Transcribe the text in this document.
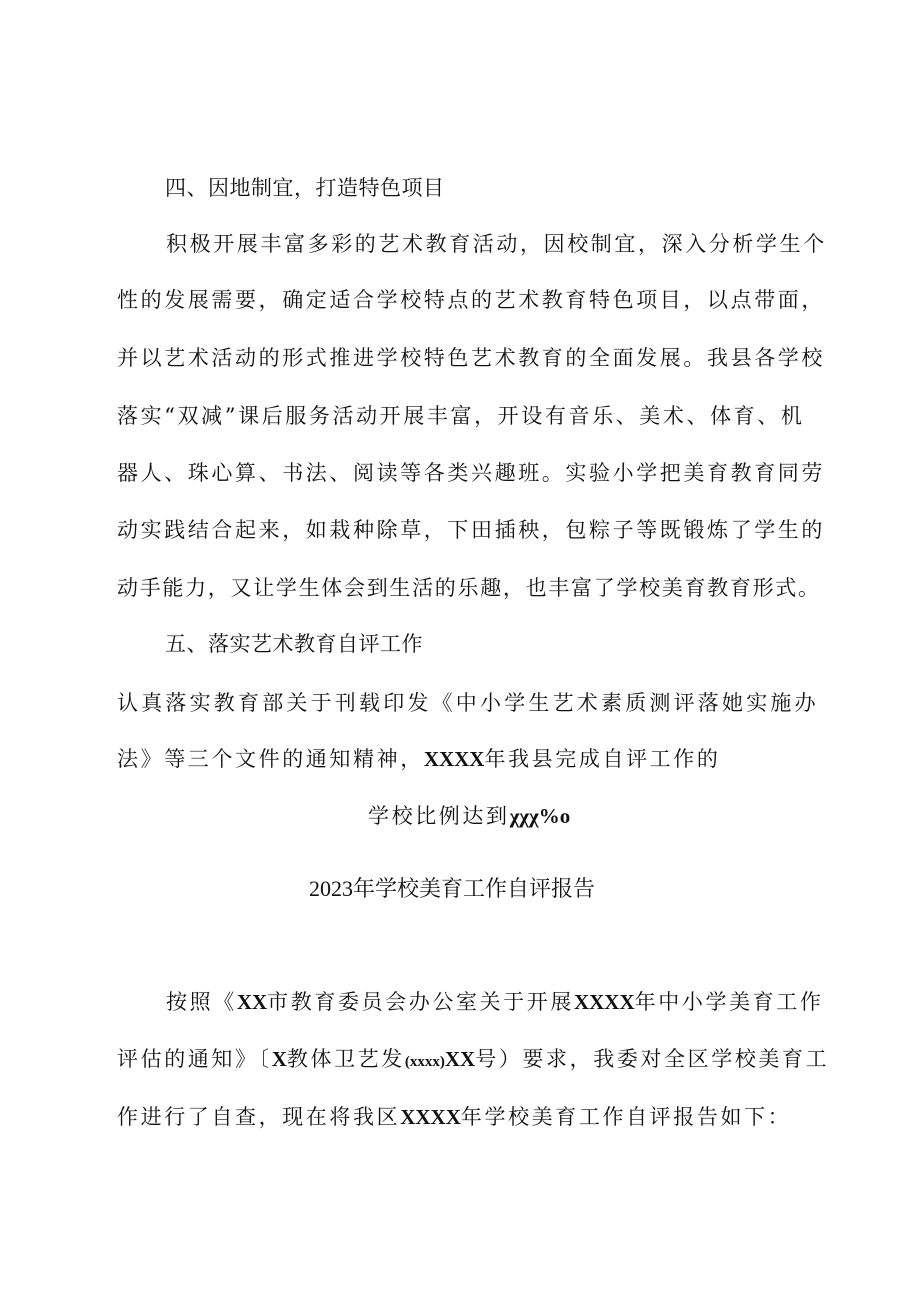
四、因地制宜，打造特色项目
积极开展丰富多彩的艺术教育活动，因校制宜，深入分析学生个
性的发展需要，确定适合学校特点的艺术教育特色项目，以点带面，
并以艺术活动的形式推进学校特色艺术教育的全面发展。我县各学校
落实“双减”课后服务活动开展丰富，开设有音乐、美术、体育、机
器人、珠心算、书法、阅读等各类兴趣班。实验小学把美育教育同劳
动实践结合起来，如栽种除草，下田插秧，包粽子等既锻炼了学生的
动手能力，又让学生体会到生活的乐趣，也丰富了学校美育教育形式。
五、落实艺术教育自评工作
认真落实教育部关于刊载印发《中小学生艺术素质测评落她实施办
法》等三个文件的通知精神，XXXX年我县完成自评工作的
学校比例达到χχχ%o
2023年学校美育工作自评报告
按照《XX市教育委员会办公室关于开展XXXX年中小学美育工作
评估的通知》〔X教体卫艺发(xxxx)XX号）要求，我委对全区学校美育工
作进行了自查，现在将我区XXXX年学校美育工作自评报告如下：
